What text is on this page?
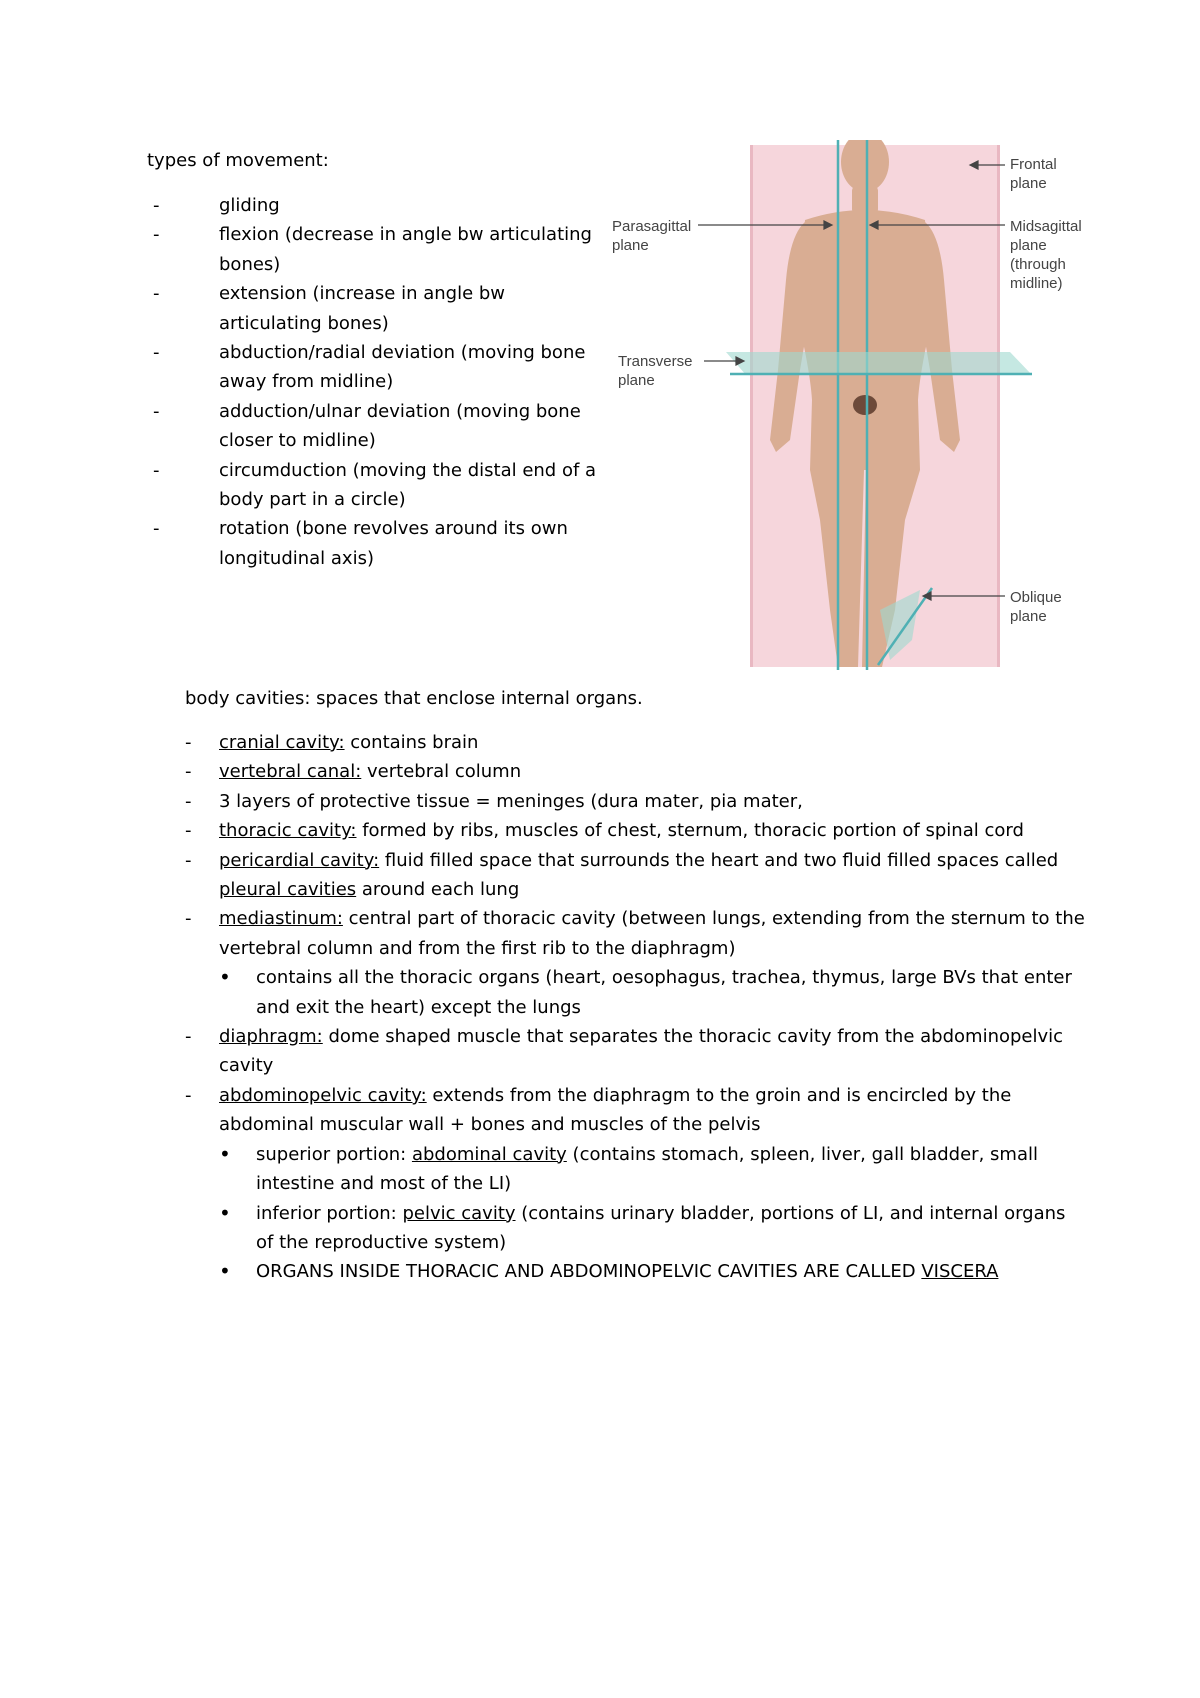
types of movement:
- gliding
- flexion (decrease in angle bw articulating bones)
- extension (increase in angle bw articulating bones)
- abduction/radial deviation (moving bone away from midline)
- adduction/ulnar deviation (moving bone closer to midline)
- circumduction (moving the distal end of a body part in a circle)
- rotation (bone revolves around its own longitudinal axis)
Frontal
plane
Parasagittal
plane
Midsagittal
plane
(through
midline)
Transverse
plane
Oblique
plane
body cavities: spaces that enclose internal organs.
- cranial cavity: contains brain
- vertebral canal: vertebral column
- 3 layers of protective tissue = meninges (dura mater, pia mater,
- thoracic cavity: formed by ribs, muscles of chest, sternum, thoracic portion of spinal cord
- pericardial cavity: fluid filled space that surrounds the heart and two fluid filled spaces called pleural cavities around each lung
- mediastinum: central part of thoracic cavity (between lungs, extending from the sternum to the vertebral column and from the first rib to the diaphragm)
• contains all the thoracic organs (heart, oesophagus, trachea, thymus, large BVs that enter and exit the heart) except the lungs
- diaphragm: dome shaped muscle that separates the thoracic cavity from the abdominopelvic cavity
- abdominopelvic cavity: extends from the diaphragm to the groin and is encircled by the abdominal muscular wall + bones and muscles of the pelvis
• superior portion: abdominal cavity (contains stomach, spleen, liver, gall bladder, small intestine and most of the LI)
• inferior portion: pelvic cavity (contains urinary bladder, portions of LI, and internal organs of the reproductive system)
• ORGANS INSIDE THORACIC AND ABDOMINOPELVIC CAVITIES ARE CALLED VISCERA
